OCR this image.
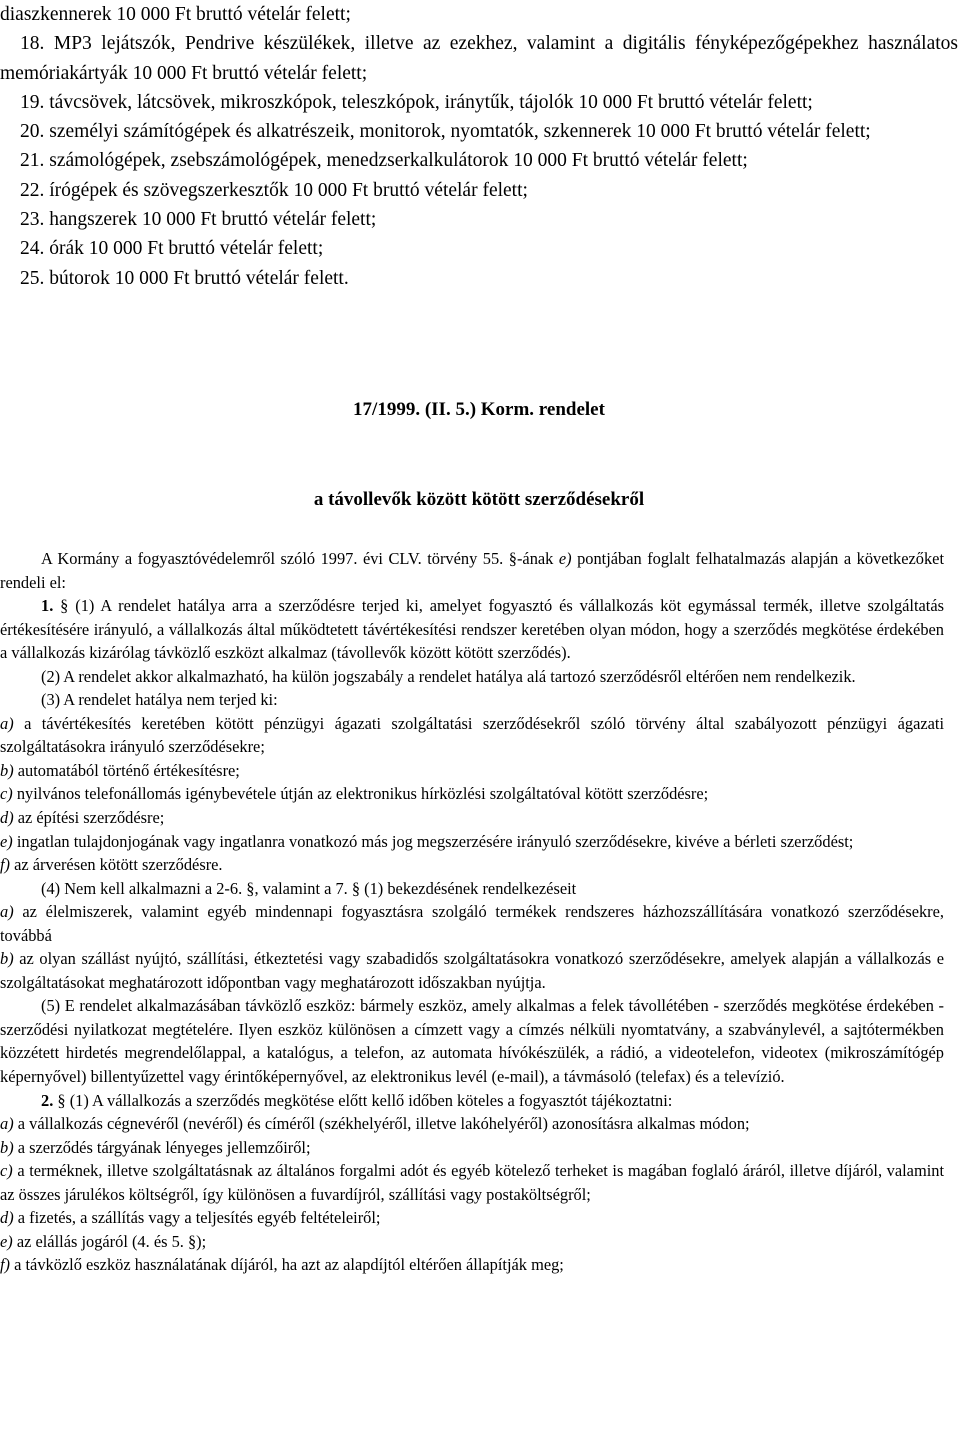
diaszkennerek 10 000 Ft bruttó vételár felett;

18. MP3 lejátszók, Pendrive készülékek, illetve az ezekhez, valamint a digitális fényképezőgépekhez használatos memóriakártyák 10 000 Ft bruttó vételár felett;

19. távcsövek, látcsövek, mikroszkópok, teleszkópok, iránytűk, tájolók 10 000 Ft bruttó vételár felett;

20. személyi számítógépek és alkatrészeik, monitorok, nyomtatók, szkennerek 10 000 Ft bruttó vételár felett;

21. számológépek, zsebszámológépek, menedzserkalkulátorok 10 000 Ft bruttó vételár felett;

22. írógépek és szövegszerkesztők 10 000 Ft bruttó vételár felett;

23. hangszerek 10 000 Ft bruttó vételár felett;

24. órák 10 000 Ft bruttó vételár felett;

25. bútorok 10 000 Ft bruttó vételár felett.

17/1999. (II. 5.) Korm. rendelet

a távollevők között kötött szerződésekről

A Kormány a fogyasztóvédelemről szóló 1997. évi CLV. törvény 55. §-ának e) pontjában foglalt felhatalmazás alapján a következőket rendeli el:

1. § (1) A rendelet hatálya arra a szerződésre terjed ki, amelyet fogyasztó és vállalkozás köt egymással termék, illetve szolgáltatás értékesítésére irányuló, a vállalkozás által működtetett távértékesítési rendszer keretében olyan módon, hogy a szerződés megkötése érdekében a vállalkozás kizárólag távközlő eszközt alkalmaz (távollevők között kötött szerződés).

(2) A rendelet akkor alkalmazható, ha külön jogszabály a rendelet hatálya alá tartozó szerződésről eltérően nem rendelkezik.

(3) A rendelet hatálya nem terjed ki:

a) a távértékesítés keretében kötött pénzügyi ágazati szolgáltatási szerződésekről szóló törvény által szabályozott pénzügyi ágazati szolgáltatásokra irányuló szerződésekre;

b) automatából történő értékesítésre;

c) nyilvános telefonállomás igénybevétele útján az elektronikus hírközlési szolgáltatóval kötött szerződésre;

d) az építési szerződésre;

e) ingatlan tulajdonjogának vagy ingatlanra vonatkozó más jog megszerzésére irányuló szerződésekre, kivéve a bérleti szerződést;

f) az árverésen kötött szerződésre.

(4) Nem kell alkalmazni a 2-6. §, valamint a 7. § (1) bekezdésének rendelkezéseit

a) az élelmiszerek, valamint egyéb mindennapi fogyasztásra szolgáló termékek rendszeres házhozszállítására vonatkozó szerződésekre, továbbá

b) az olyan szállást nyújtó, szállítási, étkeztetési vagy szabadidős szolgáltatásokra vonatkozó szerződésekre, amelyek alapján a vállalkozás e szolgáltatásokat meghatározott időpontban vagy meghatározott időszakban nyújtja.

(5) E rendelet alkalmazásában távközlő eszköz: bármely eszköz, amely alkalmas a felek távollétében - szerződés megkötése érdekében - szerződési nyilatkozat megtételére. Ilyen eszköz különösen a címzett vagy a címzés nélküli nyomtatvány, a szabványlevél, a sajtótermékben közzétett hirdetés megrendelőlappal, a katalógus, a telefon, az automata hívókészülék, a rádió, a videotelefon, videotex (mikroszámítógép képernyővel) billentyűzettel vagy érintőképernyővel, az elektronikus levél (e-mail), a távmásoló (telefax) és a televízió.

2. § (1) A vállalkozás a szerződés megkötése előtt kellő időben köteles a fogyasztót tájékoztatni:

a) a vállalkozás cégnevéről (nevéről) és címéről (székhelyéről, illetve lakóhelyéről) azonosításra alkalmas módon;

b) a szerződés tárgyának lényeges jellemzőiről;

c) a terméknek, illetve szolgáltatásnak az általános forgalmi adót és egyéb kötelező terheket is magában foglaló áráról, illetve díjáról, valamint az összes járulékos költségről, így különösen a fuvardíjról, szállítási vagy postaköltségről;

d) a fizetés, a szállítás vagy a teljesítés egyéb feltételeiről;

e) az elállás jogáról (4. és 5. §);

f) a távközlő eszköz használatának díjáról, ha azt az alapdíjtól eltérően állapítják meg;
